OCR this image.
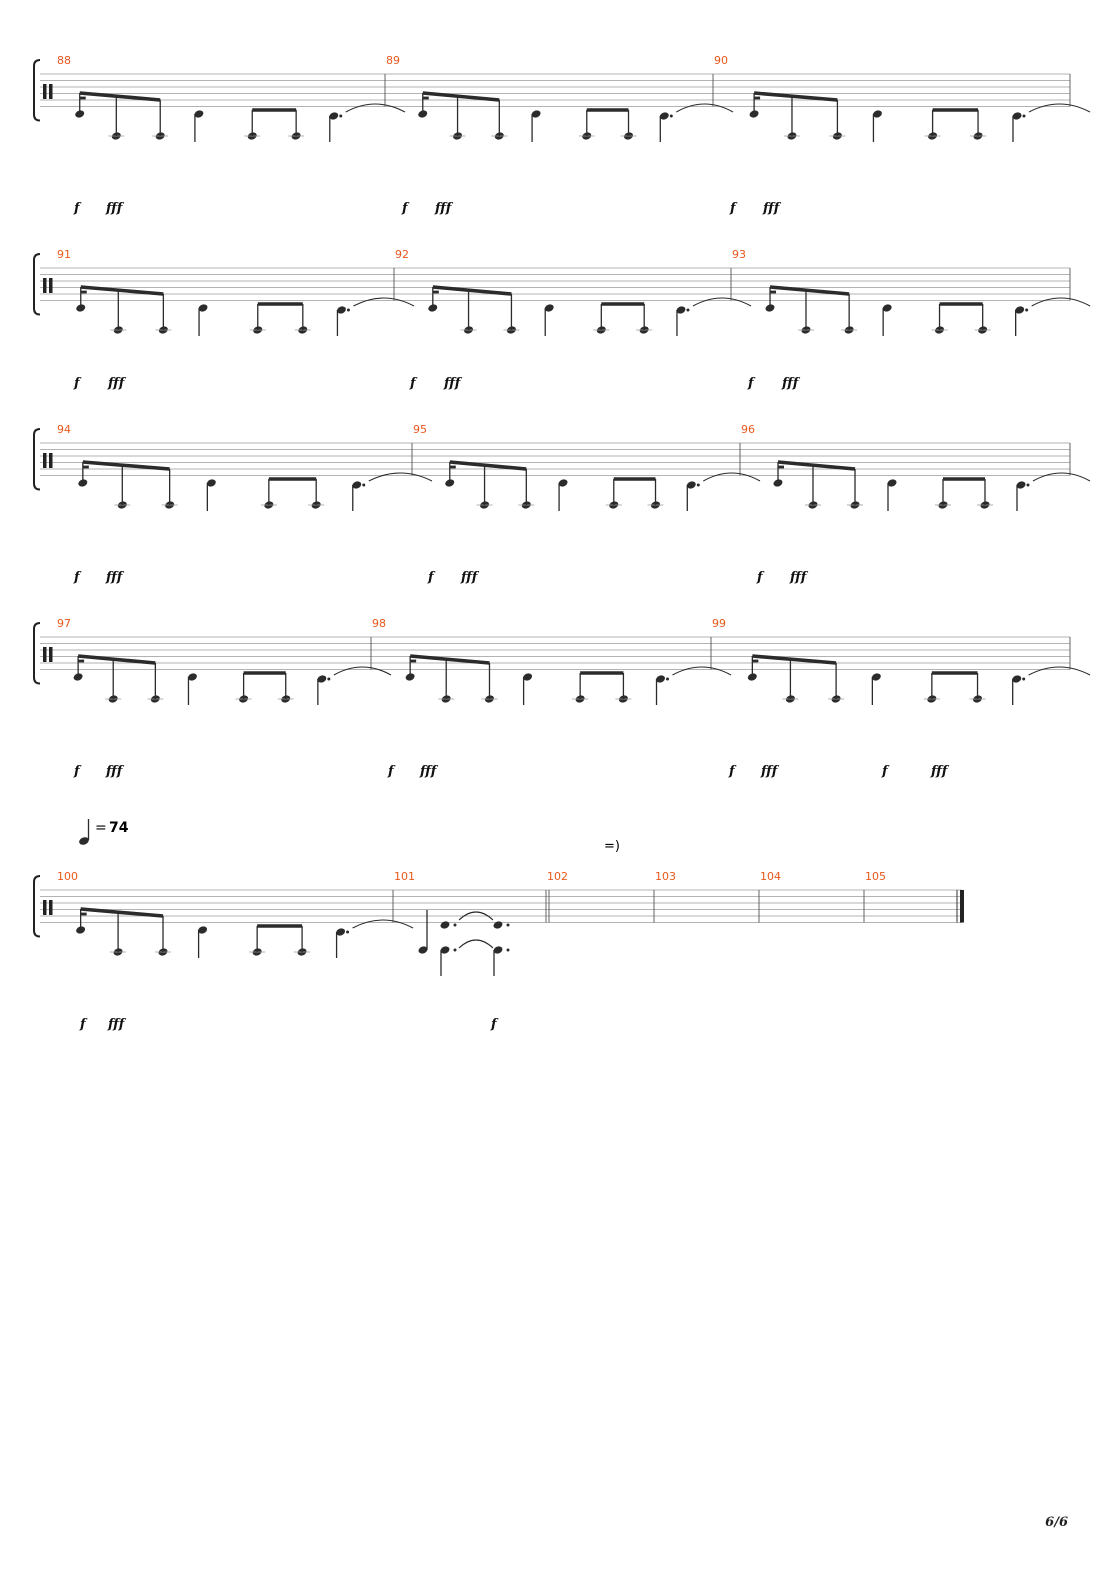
= 74
=)
88
f fff
89
f fff
90
f fff
91
f fff
92
f fff
93
f fff
94
f fff
95
f fff
96
f fff
97
f fff
98
f fff
99
f fff	f	fff
100
f fff
101
f
102	103	104	105
6/6
